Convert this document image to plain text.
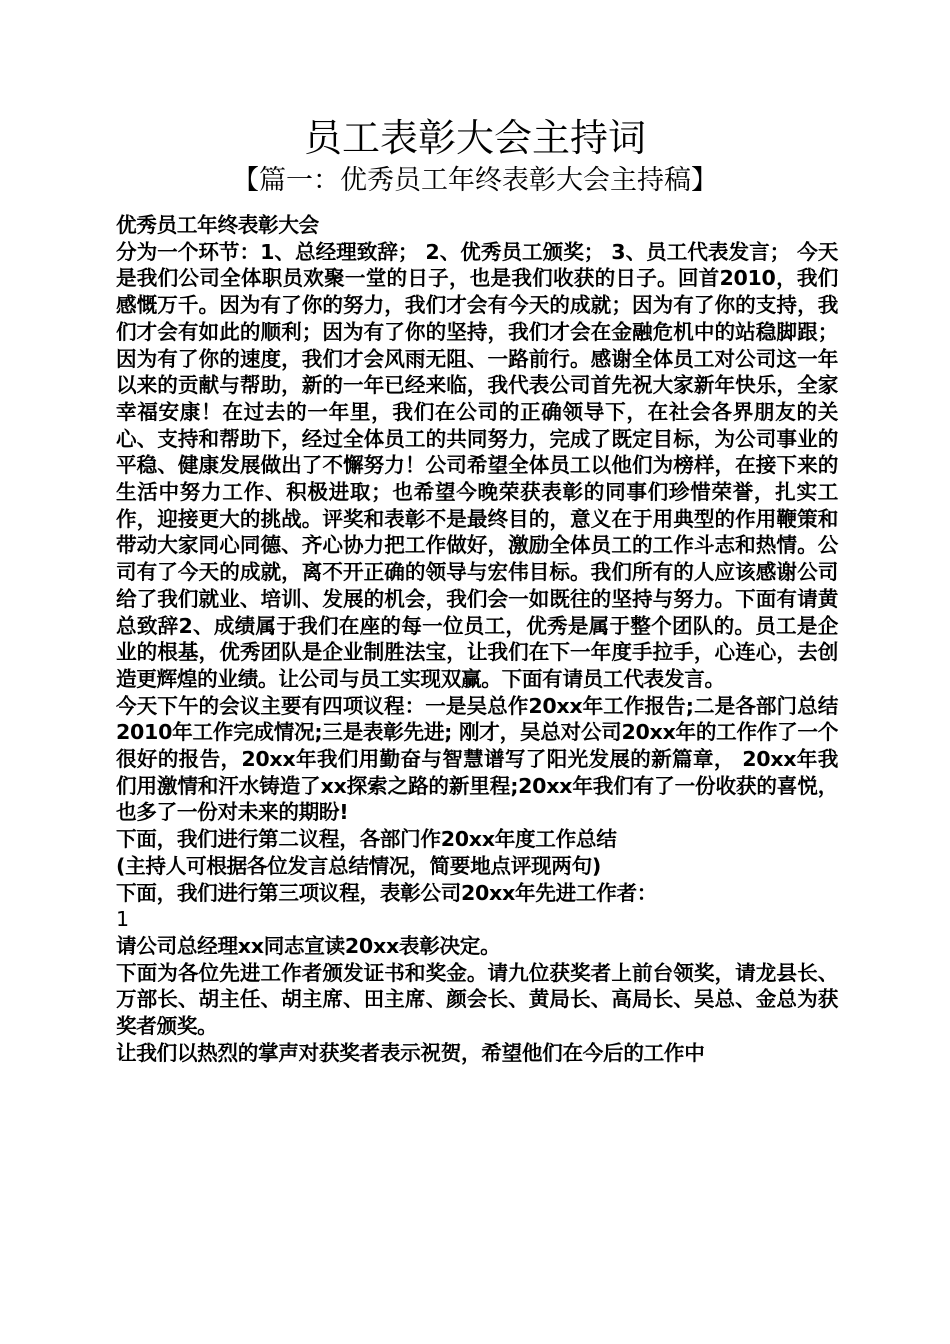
员工表彰大会主持词
【篇一：优秀员工年终表彰大会主持稿】

优秀员工年终表彰大会

分为一个环节：1、总经理致辞； 2、优秀员工颁奖； 3、员工代表发言； 今天是我们公司全体职员欢聚一堂的日子，也是我们收获的日子。回首2010，我们感慨万千。因为有了你的努力，我们才会有今天的成就；因为有了你的支持，我们才会有如此的顺利；因为有了你的坚持，我们才会在金融危机中的站稳脚跟；因为有了你的速度，我们才会风雨无阻、一路前行。感谢全体员工对公司这一年以来的贡献与帮助，新的一年已经来临，我代表公司首先祝大家新年快乐，全家幸福安康！在过去的一年里，我们在公司的正确领导下，在社会各界朋友的关心、支持和帮助下，经过全体员工的共同努力，完成了既定目标，为公司事业的平稳、健康发展做出了不懈努力！公司希望全体员工以他们为榜样，在接下来的生活中努力工作、积极进取；也希望今晚荣获表彰的同事们珍惜荣誉，扎实工作，迎接更大的挑战。评奖和表彰不是最终目的，意义在于用典型的作用鞭策和带动大家同心同德、齐心协力把工作做好，激励全体员工的工作斗志和热情。公司有了今天的成就，离不开正确的领导与宏伟目标。我们所有的人应该感谢公司给了我们就业、培训、发展的机会，我们会一如既往的坚持与努力。下面有请黄总致辞2、成绩属于我们在座的每一位员工，优秀是属于整个团队的。员工是企业的根基，优秀团队是企业制胜法宝，让我们在下一年度手拉手，心连心，去创造更辉煌的业绩。让公司与员工实现双赢。下面有请员工代表发言。

今天下午的会议主要有四项议程：一是吴总作20xx年工作报告;二是各部门总结2010年工作完成情况;三是表彰先进; 刚才，吴总对公司20xx年的工作作了一个很好的报告，20xx年我们用勤奋与智慧谱写了阳光发展的新篇章， 20xx年我们用激情和汗水铸造了xx探索之路的新里程;20xx年我们有了一份收获的喜悦，也多了一份对未来的期盼!

下面，我们进行第二议程，各部门作20xx年度工作总结

(主持人可根据各位发言总结情况，简要地点评现两句)

下面，我们进行第三项议程，表彰公司20xx年先进工作者：

1

请公司总经理xx同志宣读20xx表彰决定。

下面为各位先进工作者颁发证书和奖金。请九位获奖者上前台领奖，请龙县长、万部长、胡主任、胡主席、田主席、颜会长、黄局长、高局长、吴总、金总为获奖者颁奖。

让我们以热烈的掌声对获奖者表示祝贺，希望他们在今后的工作中
